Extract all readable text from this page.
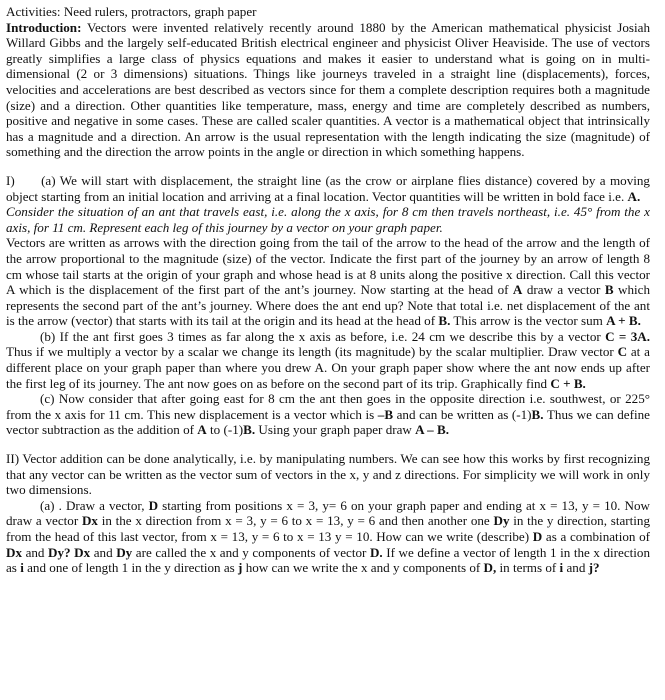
Activities: Need rulers, protractors, graph paper

Introduction: Vectors were invented relatively recently around 1880 by the American mathematical physicist Josiah Willard Gibbs and the largely self-educated British electrical engineer and physicist Oliver Heaviside. The use of vectors greatly simplifies a large class of physics equations and makes it easier to understand what is going on in multi-dimensional (2 or 3 dimensions) situations. Things like journeys traveled in a straight line (displacements), forces, velocities and accelerations are best described as vectors since for them a complete description requires both a magnitude (size) and a direction. Other quantities like temperature, mass, energy and time are completely described as numbers, positive and negative in some cases. These are called scaler quantities. A vector is a mathematical object that intrinsically has a magnitude and a direction. An arrow is the usual representation with the length indicating the size (magnitude) of something and the direction the arrow points in the angle or direction in which something happens.

I) (a) We will start with displacement, the straight line (as the crow or airplane flies distance) covered by a moving object starting from an initial location and arriving at a final location. Vector quantities will be written in bold face i.e. A.
Consider the situation of an ant that travels east, i.e. along the x axis, for 8 cm then travels northeast, i.e. 45° from the x axis, for 11 cm. Represent each leg of this journey by a vector on your graph paper.
Vectors are written as arrows with the direction going from the tail of the arrow to the head of the arrow and the length of the arrow proportional to the magnitude (size) of the vector. Indicate the first part of the journey by an arrow of length 8 cm whose tail starts at the origin of your graph and whose head is at 8 units along the positive x direction. Call this vector A which is the displacement of the first part of the ant’s journey. Now starting at the head of A draw a vector B which represents the second part of the ant’s journey. Where does the ant end up? Note that total i.e. net displacement of the ant is the arrow (vector) that starts with its tail at the origin and its head at the head of B. This arrow is the vector sum A + B.

(b) If the ant first goes 3 times as far along the x axis as before, i.e. 24 cm we describe this by a vector C = 3A. Thus if we multiply a vector by a scalar we change its length (its magnitude) by the scalar multiplier. Draw vector C at a different place on your graph paper than where you drew A. On your graph paper show where the ant now ends up after the first leg of its journey. The ant now goes on as before on the second part of its trip. Graphically find C + B.

(c) Now consider that after going east for 8 cm the ant then goes in the opposite direction i.e. southwest, or 225° from the x axis for 11 cm. This new displacement is a vector which is –B and can be written as (-1)B. Thus we can define vector subtraction as the addition of A to (-1)B. Using your graph paper draw A – B.

II) Vector addition can be done analytically, i.e. by manipulating numbers. We can see how this works by first recognizing that any vector can be written as the vector sum of vectors in the x, y and z directions. For simplicity we will work in only two dimensions.

(a) . Draw a vector, D starting from positions x = 3, y= 6 on your graph paper and ending at x = 13, y = 10. Now draw a vector Dx in the x direction from x = 3, y = 6 to x = 13, y = 6 and then another one Dy in the y direction, starting from the head of this last vector, from x = 13, y = 6 to x = 13 y = 10. How can we write (describe) D as a combination of Dx and Dy? Dx and Dy are called the x and y components of vector D. If we define a vector of length 1 in the x direction as i and one of length 1 in the y direction as j how can we write the x and y components of D, in terms of i and j?
